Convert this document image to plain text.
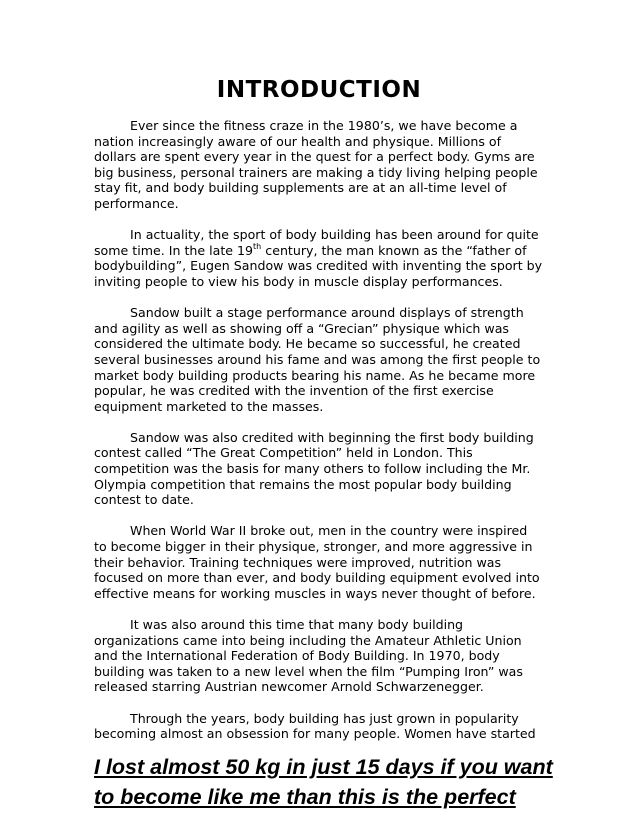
INTRODUCTION
Ever since the fitness craze in the 1980’s, we have become a
nation increasingly aware of our health and physique. Millions of
dollars are spent every year in the quest for a perfect body. Gyms are
big business, personal trainers are making a tidy living helping people
stay fit, and body building supplements are at an all-time level of
performance.
In actuality, the sport of body building has been around for quite
some time. In the late 19th century, the man known as the “father of
bodybuilding”, Eugen Sandow was credited with inventing the sport by
inviting people to view his body in muscle display performances.
Sandow built a stage performance around displays of strength
and agility as well as showing off a “Grecian” physique which was
considered the ultimate body. He became so successful, he created
several businesses around his fame and was among the first people to
market body building products bearing his name. As he became more
popular, he was credited with the invention of the first exercise
equipment marketed to the masses.
Sandow was also credited with beginning the first body building
contest called “The Great Competition” held in London. This
competition was the basis for many others to follow including the Mr.
Olympia competition that remains the most popular body building
contest to date.
When World War II broke out, men in the country were inspired
to become bigger in their physique, stronger, and more aggressive in
their behavior. Training techniques were improved, nutrition was
focused on more than ever, and body building equipment evolved into
effective means for working muscles in ways never thought of before.
It was also around this time that many body building
organizations came into being including the Amateur Athletic Union
and the International Federation of Body Building. In 1970, body
building was taken to a new level when the film “Pumping Iron” was
released starring Austrian newcomer Arnold Schwarzenegger.
Through the years, body building has just grown in popularity
becoming almost an obsession for many people. Women have started
I lost almost 50 kg in just 15 days if you want
to become like me than this is the perfect
